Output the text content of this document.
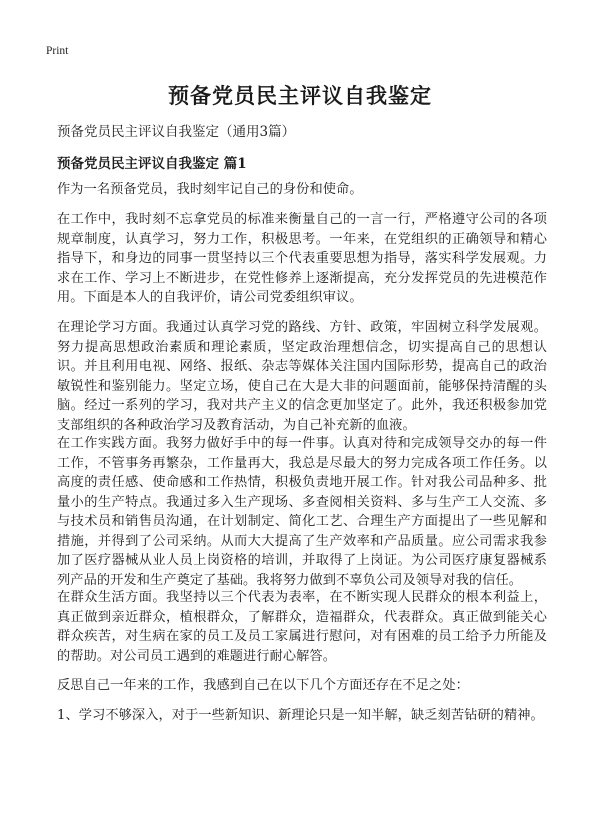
Print
预备党员民主评议自我鉴定
预备党员民主评议自我鉴定（通用3篇）
预备党员民主评议自我鉴定 篇1

作为一名预备党员，我时刻牢记自己的身份和使命。

在工作中，我时刻不忘拿党员的标准来衡量自己的一言一行，严格遵守公司的各项规章制度，认真学习，努力工作，积极思考。一年来，在党组织的正确领导和精心指导下，和身边的同事一贯坚持以三个代表重要思想为指导，落实科学发展观。力求在工作、学习上不断进步，在党性修养上逐渐提高，充分发挥党员的先进模范作用。下面是本人的自我评价，请公司党委组织审议。

在理论学习方面。我通过认真学习党的路线、方针、政策，牢固树立科学发展观。努力提高思想政治素质和理论素质，坚定政治理想信念，切实提高自己的思想认识。并且利用电视、网络、报纸、杂志等媒体关注国内国际形势，提高自己的政治敏锐性和鉴别能力。坚定立场，使自己在大是大非的问题面前，能够保持清醒的头脑。经过一系列的学习，我对共产主义的信念更加坚定了。此外，我还积极参加党支部组织的各种政治学习及教育活动，为自己补充新的血液。

在工作实践方面。我努力做好手中的每一件事。认真对待和完成领导交办的每一件工作，不管事务再繁杂，工作量再大，我总是尽最大的努力完成各项工作任务。以高度的责任感、使命感和工作热情，积极负责地开展工作。针对我公司品种多、批量小的生产特点。我通过多入生产现场、多查阅相关资料、多与生产工人交流、多与技术员和销售员沟通，在计划制定、简化工艺、合理生产方面提出了一些见解和措施，并得到了公司采纳。从而大大提高了生产效率和产品质量。应公司需求我参加了医疗器械从业人员上岗资格的培训，并取得了上岗证。为公司医疗康复器械系列产品的开发和生产奠定了基础。我将努力做到不辜负公司及领导对我的信任。

在群众生活方面。我坚持以三个代表为表率，在不断实现人民群众的根本利益上，真正做到亲近群众，植根群众，了解群众，造福群众，代表群众。真正做到能关心群众疾苦，对生病在家的员工及员工家属进行慰问，对有困难的员工给予力所能及的帮助。对公司员工遇到的难题进行耐心解答。

反思自己一年来的工作，我感到自己在以下几个方面还存在不足之处：

1、学习不够深入，对于一些新知识、新理论只是一知半解，缺乏刻苦钻研的精神。
